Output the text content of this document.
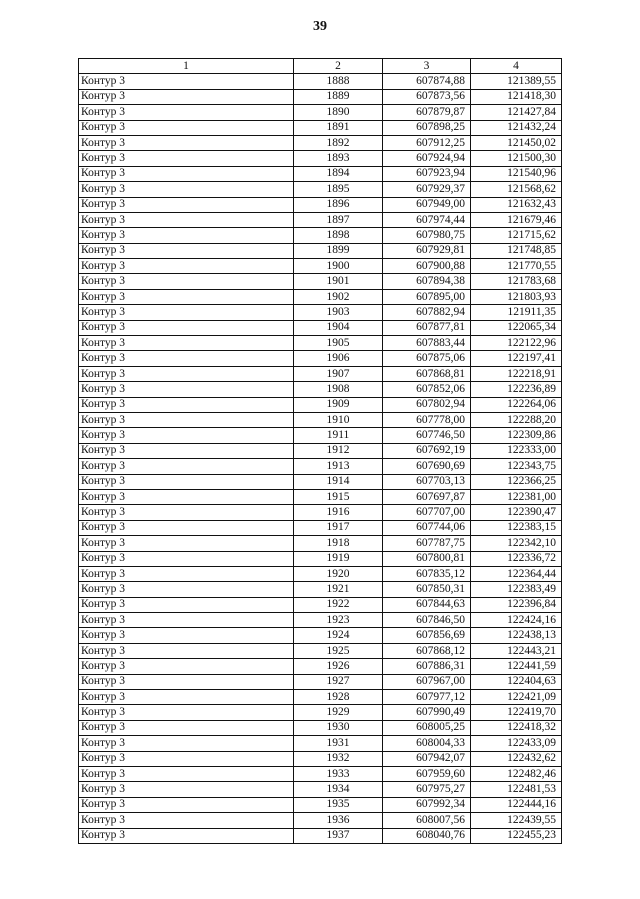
39
1	2	3	4
Контур 3	1888	607874,88	121389,55
Контур 3	1889	607873,56	121418,30
Контур 3	1890	607879,87	121427,84
Контур 3	1891	607898,25	121432,24
Контур 3	1892	607912,25	121450,02
Контур 3	1893	607924,94	121500,30
Контур 3	1894	607923,94	121540,96
Контур 3	1895	607929,37	121568,62
Контур 3	1896	607949,00	121632,43
Контур 3	1897	607974,44	121679,46
Контур 3	1898	607980,75	121715,62
Контур 3	1899	607929,81	121748,85
Контур 3	1900	607900,88	121770,55
Контур 3	1901	607894,38	121783,68
Контур 3	1902	607895,00	121803,93
Контур 3	1903	607882,94	121911,35
Контур 3	1904	607877,81	122065,34
Контур 3	1905	607883,44	122122,96
Контур 3	1906	607875,06	122197,41
Контур 3	1907	607868,81	122218,91
Контур 3	1908	607852,06	122236,89
Контур 3	1909	607802,94	122264,06
Контур 3	1910	607778,00	122288,20
Контур 3	1911	607746,50	122309,86
Контур 3	1912	607692,19	122333,00
Контур 3	1913	607690,69	122343,75
Контур 3	1914	607703,13	122366,25
Контур 3	1915	607697,87	122381,00
Контур 3	1916	607707,00	122390,47
Контур 3	1917	607744,06	122383,15
Контур 3	1918	607787,75	122342,10
Контур 3	1919	607800,81	122336,72
Контур 3	1920	607835,12	122364,44
Контур 3	1921	607850,31	122383,49
Контур 3	1922	607844,63	122396,84
Контур 3	1923	607846,50	122424,16
Контур 3	1924	607856,69	122438,13
Контур 3	1925	607868,12	122443,21
Контур 3	1926	607886,31	122441,59
Контур 3	1927	607967,00	122404,63
Контур 3	1928	607977,12	122421,09
Контур 3	1929	607990,49	122419,70
Контур 3	1930	608005,25	122418,32
Контур 3	1931	608004,33	122433,09
Контур 3	1932	607942,07	122432,62
Контур 3	1933	607959,60	122482,46
Контур 3	1934	607975,27	122481,53
Контур 3	1935	607992,34	122444,16
Контур 3	1936	608007,56	122439,55
Контур 3	1937	608040,76	122455,23
